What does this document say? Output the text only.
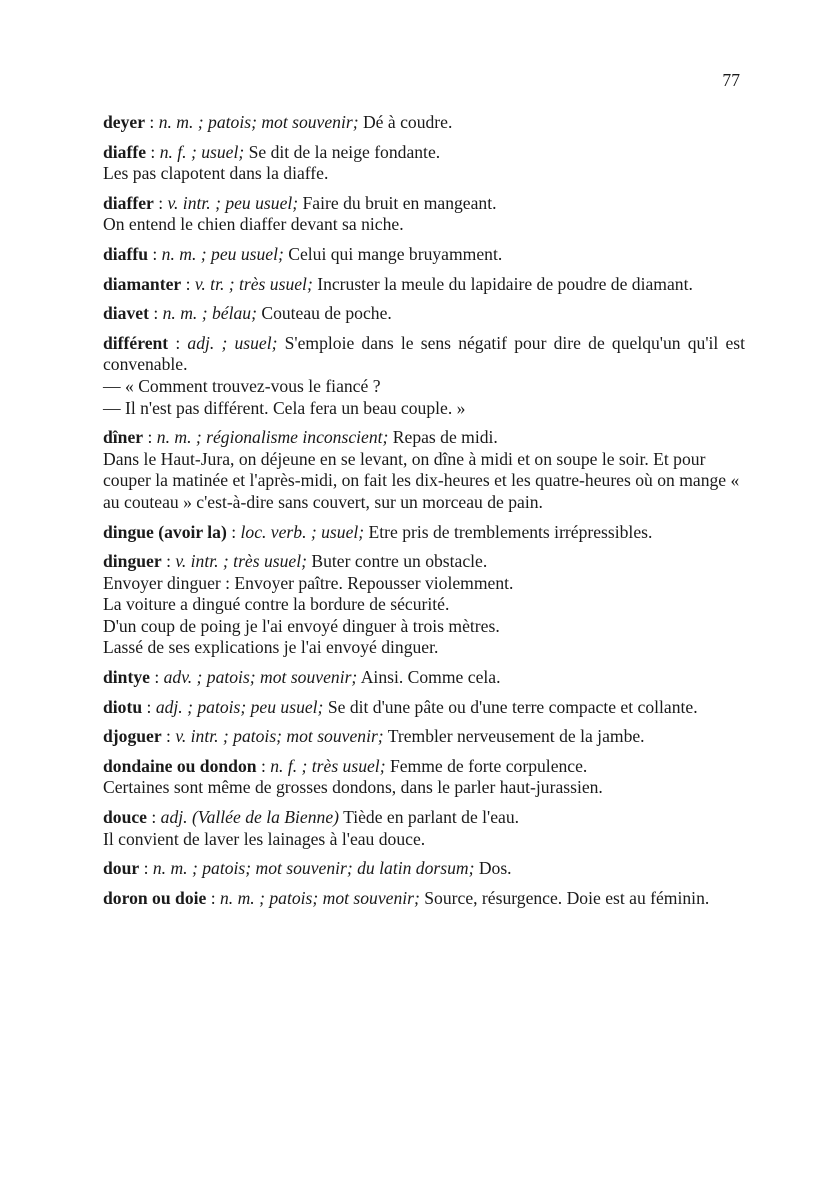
77
deyer : n. m. ; patois; mot souvenir; Dé à coudre.
diaffe : n. f. ; usuel; Se dit de la neige fondante.
Les pas clapotent dans la diaffe.
diaffer : v. intr. ; peu usuel; Faire du bruit en mangeant.
On entend le chien diaffer devant sa niche.
diaffu : n. m. ; peu usuel; Celui qui mange bruyamment.
diamanter : v. tr. ; très usuel; Incruster la meule du lapidaire de poudre de diamant.
diavet : n. m. ; bélau; Couteau de poche.
différent : adj. ; usuel; S'emploie dans le sens négatif pour dire de quelqu'un qu'il est convenable.
— « Comment trouvez-vous le fiancé ?
— Il n'est pas différent. Cela fera un beau couple. »
dîner : n. m. ; régionalisme inconscient; Repas de midi.
Dans le Haut-Jura, on déjeune en se levant, on dîne à midi et on soupe le soir. Et pour couper la matinée et l'après-midi, on fait les dix-heures et les quatre-heures où on mange « au couteau » c'est-à-dire sans couvert, sur un morceau de pain.
dingue (avoir la) : loc. verb. ; usuel; Etre pris de tremblements irrépressibles.
dinguer : v. intr. ; très usuel; Buter contre un obstacle.
Envoyer dinguer : Envoyer paître. Repousser violemment.
La voiture a dingué contre la bordure de sécurité.
D'un coup de poing je l'ai envoyé dinguer à trois mètres.
Lassé de ses explications je l'ai envoyé dinguer.
dintye : adv. ; patois; mot souvenir; Ainsi. Comme cela.
diotu : adj. ; patois; peu usuel; Se dit d'une pâte ou d'une terre compacte et collante.
djoguer : v. intr. ; patois; mot souvenir; Trembler nerveusement de la jambe.
dondaine ou dondon : n. f. ; très usuel; Femme de forte corpulence.
Certaines sont même de grosses dondons, dans le parler haut-jurassien.
douce : adj. (Vallée de la Bienne) Tiède en parlant de l'eau.
Il convient de laver les lainages à l'eau douce.
dour : n. m. ; patois; mot souvenir; du latin dorsum; Dos.
doron ou doie : n. m. ; patois; mot souvenir; Source, résurgence. Doie est au féminin.
